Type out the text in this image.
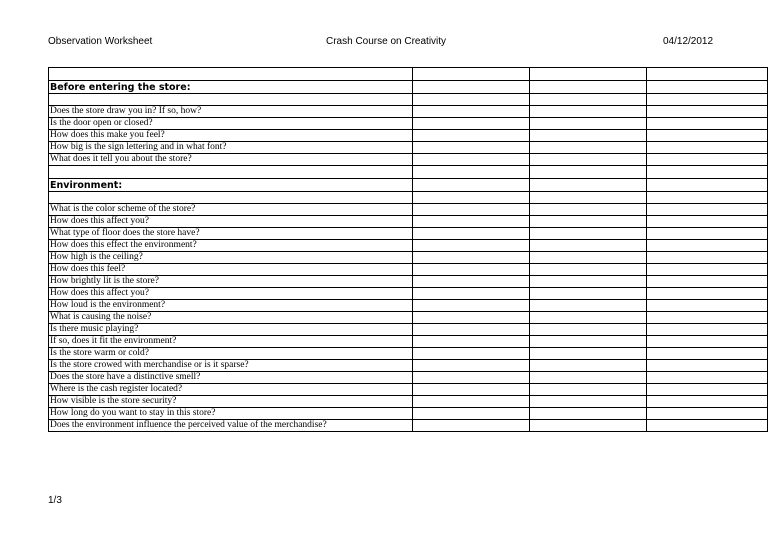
Observation Worksheet	Crash Course on Creativity	04/12/2012

Before entering the store:			

Does the store draw you in? If so, how?			
Is the door open or closed?			
How does this make you feel?			
How big is the sign lettering and in what font?			
What does it tell you about the store?			

Environment:			

What is the color scheme of the store?			
How does this affect you?			
What type of floor does the store have?			
How does this effect the environment?			
How high is the ceiling?			
How does this feel?			
How brightly lit is the store?			
How does this affect you?			
How loud is the environment?			
What is causing the noise?			
Is there music playing?			
If so, does it fit the environment?			
Is the store warm or cold?			
Is the store crowed with merchandise or is it sparse?			
Does the store have a distinctive smell?			
Where is the cash register located?			
How visible is the store security?			
How long do you want to stay in this store?			
Does the environment influence the perceived value of the merchandise?			
1/3
